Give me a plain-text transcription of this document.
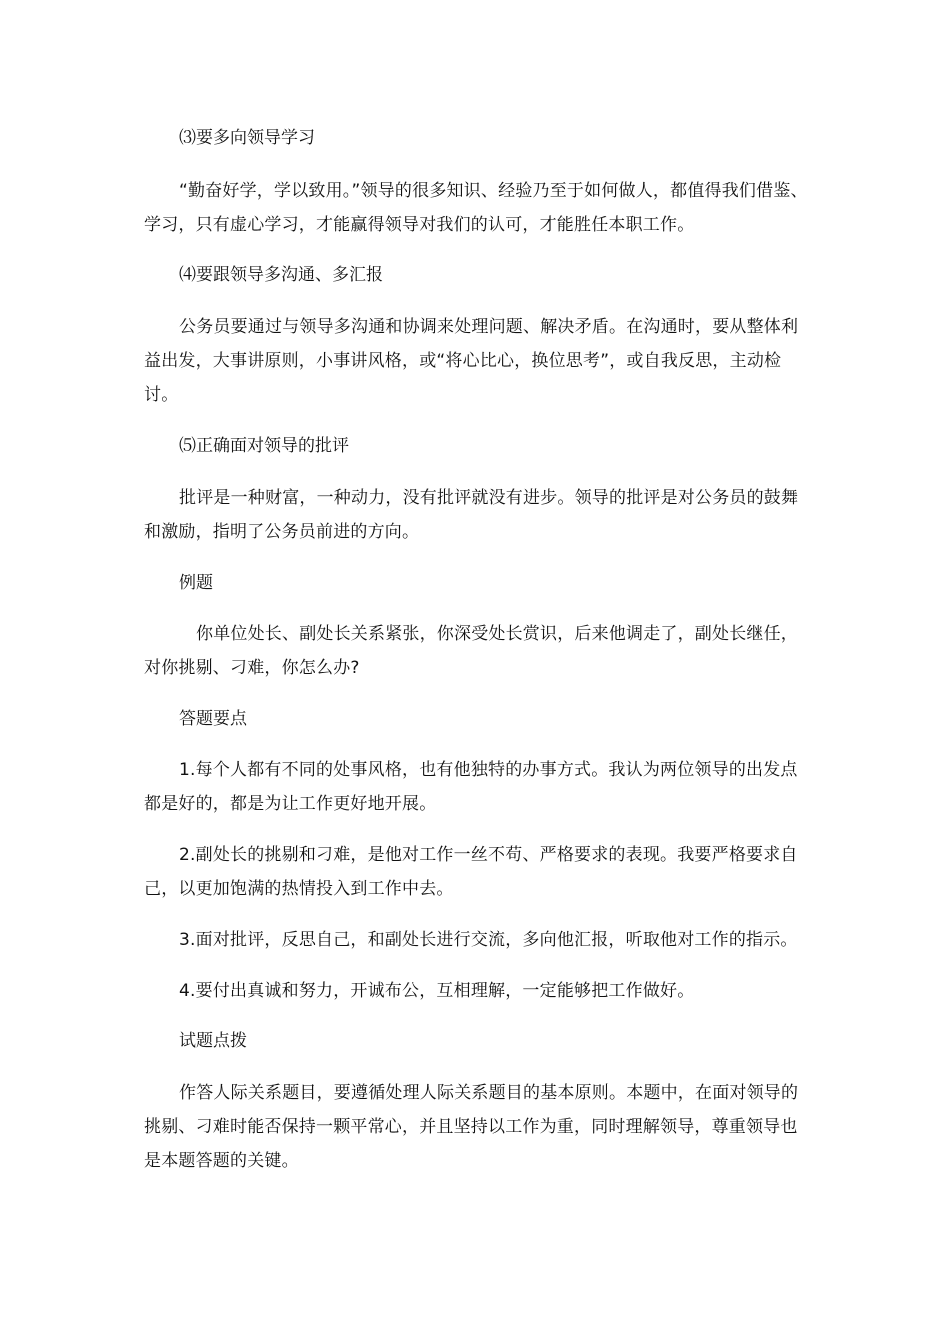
⑶要多向领导学习
“勤奋好学，学以致用。”领导的很多知识、经验乃至于如何做人，都值得我们借鉴、学习，只有虚心学习，才能赢得领导对我们的认可，才能胜任本职工作。
⑷要跟领导多沟通、多汇报
公务员要通过与领导多沟通和协调来处理问题、解决矛盾。在沟通时，要从整体利益出发，大事讲原则，小事讲风格，或“将心比心，换位思考”，或自我反思，主动检讨。
⑸正确面对领导的批评
批评是一种财富，一种动力，没有批评就没有进步。领导的批评是对公务员的鼓舞和激励，指明了公务员前进的方向。
例题
你单位处长、副处长关系紧张，你深受处长赏识，后来他调走了，副处长继任，对你挑剔、刁难，你怎么办?
答题要点
1.每个人都有不同的处事风格，也有他独特的办事方式。我认为两位领导的出发点都是好的，都是为让工作更好地开展。
2.副处长的挑剔和刁难，是他对工作一丝不苟、严格要求的表现。我要严格要求自己，以更加饱满的热情投入到工作中去。
3.面对批评，反思自己，和副处长进行交流，多向他汇报，听取他对工作的指示。
4.要付出真诚和努力，开诚布公，互相理解，一定能够把工作做好。
试题点拨
作答人际关系题目，要遵循处理人际关系题目的基本原则。本题中，在面对领导的挑剔、刁难时能否保持一颗平常心，并且坚持以工作为重，同时理解领导，尊重领导也是本题答题的关键。
